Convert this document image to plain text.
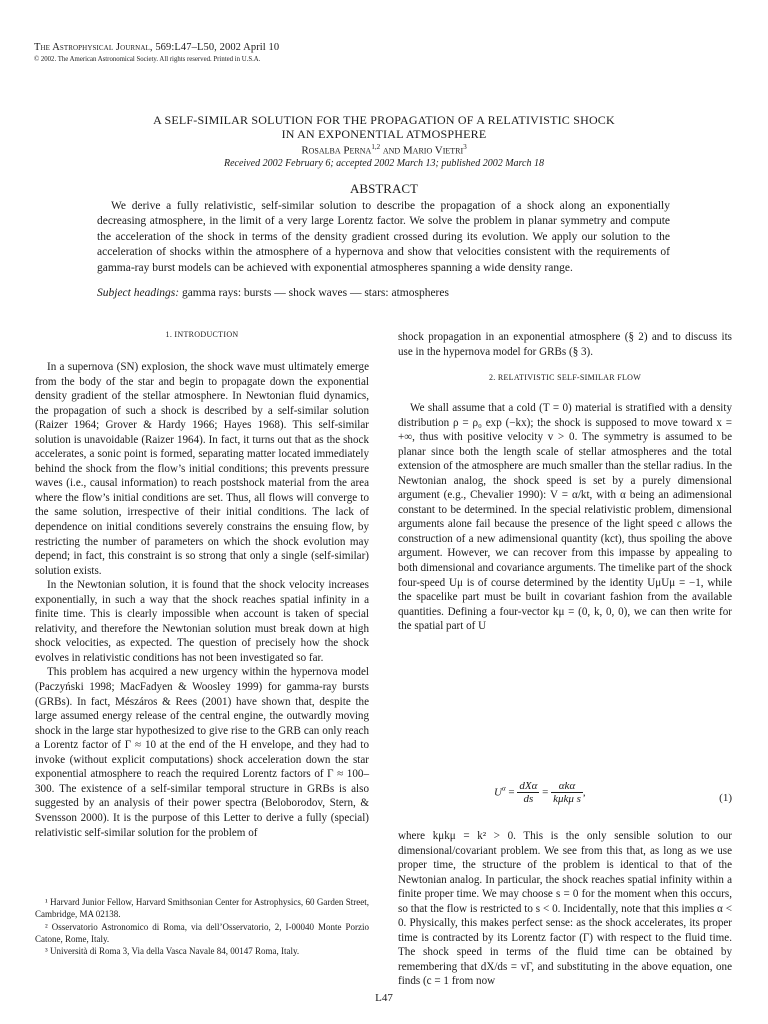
The Astrophysical Journal, 569:L47–L50, 2002 April 10
© 2002. The American Astronomical Society. All rights reserved. Printed in U.S.A.
A SELF-SIMILAR SOLUTION FOR THE PROPAGATION OF A RELATIVISTIC SHOCK
IN AN EXPONENTIAL ATMOSPHERE
Rosalba Perna$^{1,2}$ and Mario Vietri$^3$
Received 2002 February 6; accepted 2002 March 13; published 2002 March 18
ABSTRACT

We derive a fully relativistic, self-similar solution to describe the propagation of a shock along an exponentially decreasing atmosphere, in the limit of a very large Lorentz factor. We solve the problem in planar symmetry and compute the acceleration of the shock in terms of the density gradient crossed during its evolution. We apply our solution to the acceleration of shocks within the atmosphere of a hypernova and show that velocities consistent with the requirements of gamma-ray burst models can be achieved with exponential atmospheres spanning a wide density range.

Subject headings: gamma rays: bursts — shock waves — stars: atmospheres
1. INTRODUCTION

In a supernova (SN) explosion, the shock wave must ultimately emerge from the body of the star and begin to propagate down the exponential density gradient of the stellar atmosphere. In Newtonian fluid dynamics, the propagation of such a shock is described by a self-similar solution (Raizer 1964; Grover & Hardy 1966; Hayes 1968). This self-similar solution is unavoidable (Raizer 1964). In fact, it turns out that as the shock accelerates, a sonic point is formed, separating matter located immediately behind the shock from the flow’s initial conditions; this prevents pressure waves (i.e., causal information) to reach postshock material from the area where the flow’s initial conditions are set. Thus, all flows will converge to the same solution, irrespective of their initial conditions. The lack of dependence on initial conditions severely constrains the ensuing flow, by restricting the number of parameters on which the shock evolution may depend; in fact, this constraint is so strong that only a single (self-similar) solution exists.

In the Newtonian solution, it is found that the shock velocity increases exponentially, in such a way that the shock reaches spatial infinity in a finite time. This is clearly impossible when account is taken of special relativity, and therefore the Newtonian solution must break down at high shock velocities, as expected. The question of precisely how the shock evolves in relativistic conditions has not been investigated so far.

This problem has acquired a new urgency within the hypernova model (Paczyński 1998; MacFadyen & Woosley 1999) for gamma-ray bursts (GRBs). In fact, Mészáros & Rees (2001) have shown that, despite the large assumed energy release of the central engine, the outwardly moving shock in the large star hypothesized to give rise to the GRB can only reach a Lorentz factor of Γ ≈ 10 at the end of the H envelope, and they had to invoke (without explicit computations) shock acceleration down the star exponential atmosphere to reach the required Lorentz factors of Γ ≈ 100–300. The existence of a self-similar temporal structure in GRBs is also suggested by an analysis of their power spectra (Beloborodov, Stern, & Svensson 2000). It is the purpose of this Letter to derive a fully (special) relativistic self-similar solution for the problem of

¹ Harvard Junior Fellow, Harvard Smithsonian Center for Astrophysics, 60 Garden Street, Cambridge, MA 02138.

² Osservatorio Astronomico di Roma, via dell’Osservatorio, 2, I-00040 Monte Porzio Catone, Rome, Italy.

³ Università di Roma 3, Via della Vasca Navale 84, 00147 Roma, Italy.

shock propagation in an exponential atmosphere (§ 2) and to discuss its use in the hypernova model for GRBs (§ 3).

2. RELATIVISTIC SELF-SIMILAR FLOW

We shall assume that a cold (T = 0) material is stratified with a density distribution ρ = ρ₀ exp (−kx); the shock is supposed to move toward x = +∞, thus with positive velocity v > 0. The symmetry is assumed to be planar since both the length scale of stellar atmospheres and the total extension of the atmosphere are much smaller than the stellar radius. In the Newtonian analog, the shock speed is set by a purely dimensional argument (e.g., Chevalier 1990): V = α/kt, with α being an adimensional constant to be determined. In the special relativistic problem, dimensional arguments alone fail because the presence of the light speed c allows the construction of a new adimensional quantity (kct), thus spoiling the above argument. However, we can recover from this impasse by appealing to both dimensional and covariance arguments. The timelike part of the shock four-speed Uμ is of course determined by the identity UμUμ = −1, while the spacelike part must be built in covariant fashion from the available quantities. Defining a four-vector kμ = (0, k, 0, 0), we can then write for the spatial part of U

$U^\alpha = \frac{\text{dXα}}{ds} = \frac{\text{αkα}}{\text{kμkμ s}}$ ,	(1)

where kμkμ = k² > 0. This is the only sensible solution to our dimensional/covariant problem. We see from this that, as long as we use proper time, the structure of the problem is identical to that of the Newtonian analog. In particular, the shock reaches spatial infinity within a finite proper time. We may choose s = 0 for the moment when this occurs, so that the flow is restricted to s < 0. Incidentally, note that this implies α < 0. Physically, this makes perfect sense: as the shock accelerates, its proper time is contracted by its Lorentz factor (Γ) with respect to the fluid time. The shock speed in terms of the fluid time can be obtained by remembering that dX/ds = vΓ, and substituting in the above equation, one finds (c = 1 from now

L47
